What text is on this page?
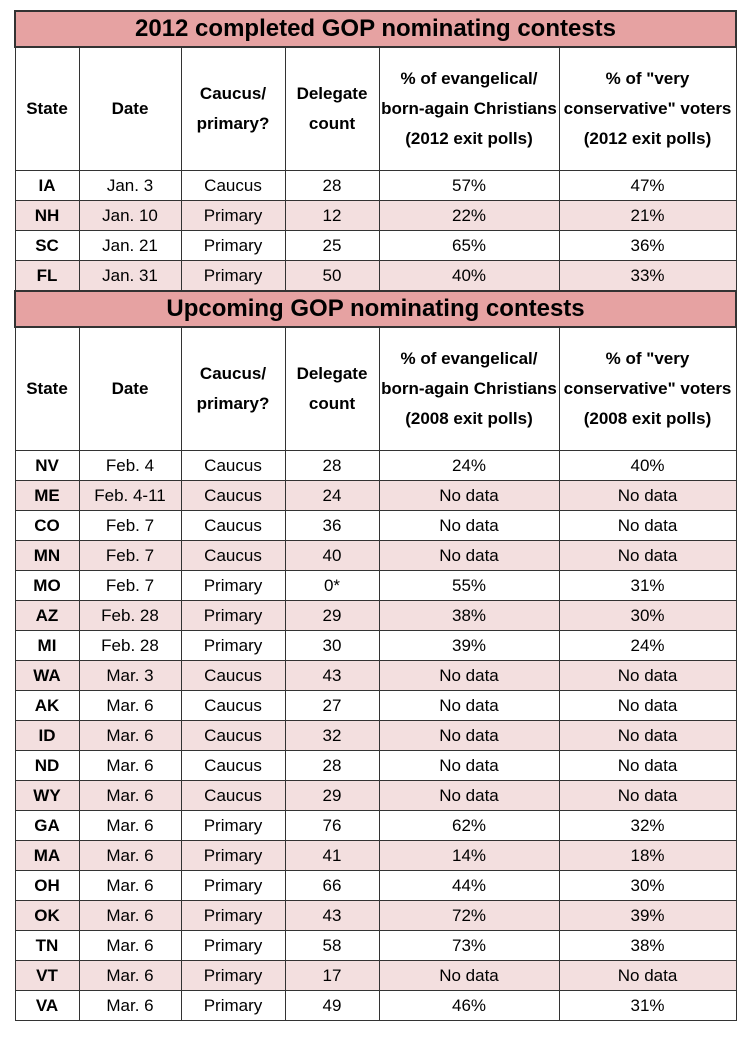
2012 completed GOP nominating contests					
State	Date	Caucus/ primary?	Delegate count	% of evangelical/ born-again Christians (2012 exit polls)	% of "very conservative" voters (2012 exit polls)
IA	Jan. 3	Caucus	28	57%	47%
NH	Jan. 10	Primary	12	22%	21%
SC	Jan. 21	Primary	25	65%	36%
FL	Jan. 31	Primary	50	40%	33%
Upcoming GOP nominating contests					
State	Date	Caucus/ primary?	Delegate count	% of evangelical/ born-again Christians (2008 exit polls)	% of "very conservative" voters (2008 exit polls)
NV	Feb. 4	Caucus	28	24%	40%
ME	Feb. 4-11	Caucus	24	No data	No data
CO	Feb. 7	Caucus	36	No data	No data
MN	Feb. 7	Caucus	40	No data	No data
MO	Feb. 7	Primary	0*	55%	31%
AZ	Feb. 28	Primary	29	38%	30%
MI	Feb. 28	Primary	30	39%	24%
WA	Mar. 3	Caucus	43	No data	No data
AK	Mar. 6	Caucus	27	No data	No data
ID	Mar. 6	Caucus	32	No data	No data
ND	Mar. 6	Caucus	28	No data	No data
WY	Mar. 6	Caucus	29	No data	No data
GA	Mar. 6	Primary	76	62%	32%
MA	Mar. 6	Primary	41	14%	18%
OH	Mar. 6	Primary	66	44%	30%
OK	Mar. 6	Primary	43	72%	39%
TN	Mar. 6	Primary	58	73%	38%
VT	Mar. 6	Primary	17	No data	No data
VA	Mar. 6	Primary	49	46%	31%
